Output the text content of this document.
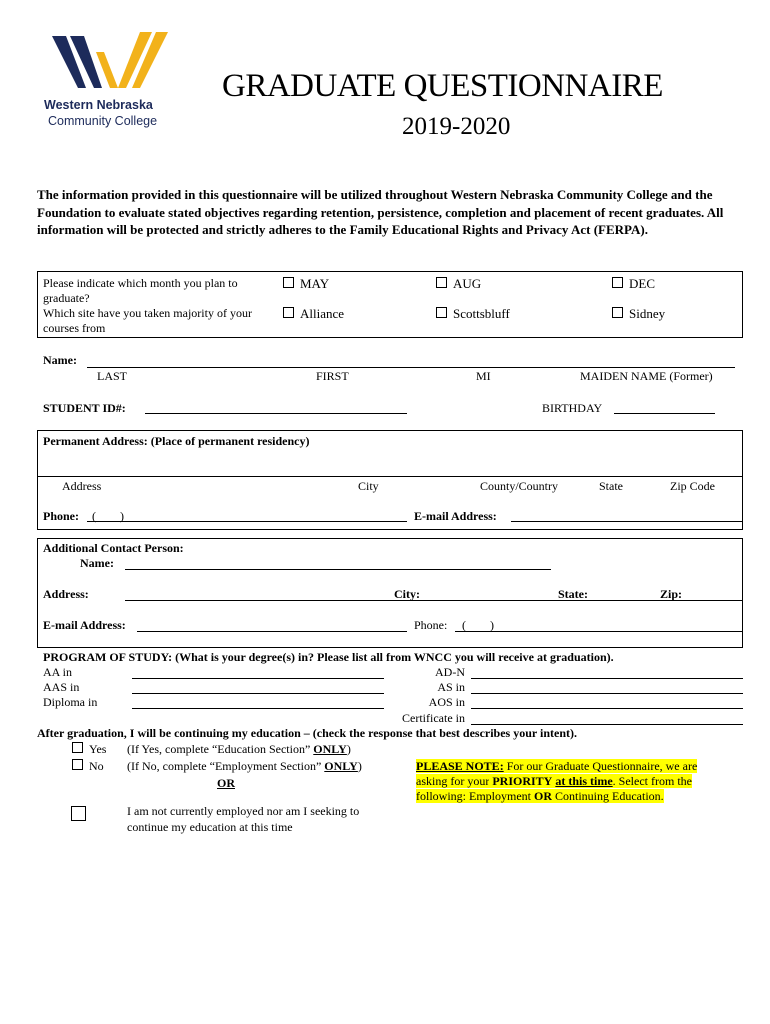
Western Nebraska
Community College
GRADUATE QUESTIONNAIRE
2019-2020
The information provided in this questionnaire will be utilized throughout Western Nebraska Community College and the Foundation to evaluate stated objectives regarding retention, persistence, completion and placement of recent graduates. All information will be protected and strictly adheres to the Family Educational Rights and Privacy Act (FERPA).
Please indicate which month you plan to graduate?
Which site have you taken majority of your courses from
MAY	AUG	DEC
Alliance	Scottsbluff	Sidney
Name:
LAST	FIRST	MI	MAIDEN NAME (Former)
STUDENT ID#:	BIRTHDAY
Permanent Address: (Place of permanent residency)
Address	City	County/Country	State	Zip Code
Phone: (        )	E-mail Address:
Additional Contact Person:
Name:
Address:	City:	State:	Zip:
E-mail Address:	Phone: (        )
PROGRAM OF STUDY: (What is your degree(s) in? Please list all from WNCC you will receive at graduation).
AA in
AAS in
Diploma in
AD-N
AS in
AOS in
Certificate in
After graduation, I will be continuing my education – (check the response that best describes your intent).
Yes (If Yes, complete “Education Section” ONLY)
No (If No, complete “Employment Section” ONLY)
OR
I am not currently employed nor am I seeking to
continue my education at this time
PLEASE NOTE: For our Graduate Questionnaire, we are
asking for your PRIORITY at this time. Select from the
following: Employment OR Continuing Education.
